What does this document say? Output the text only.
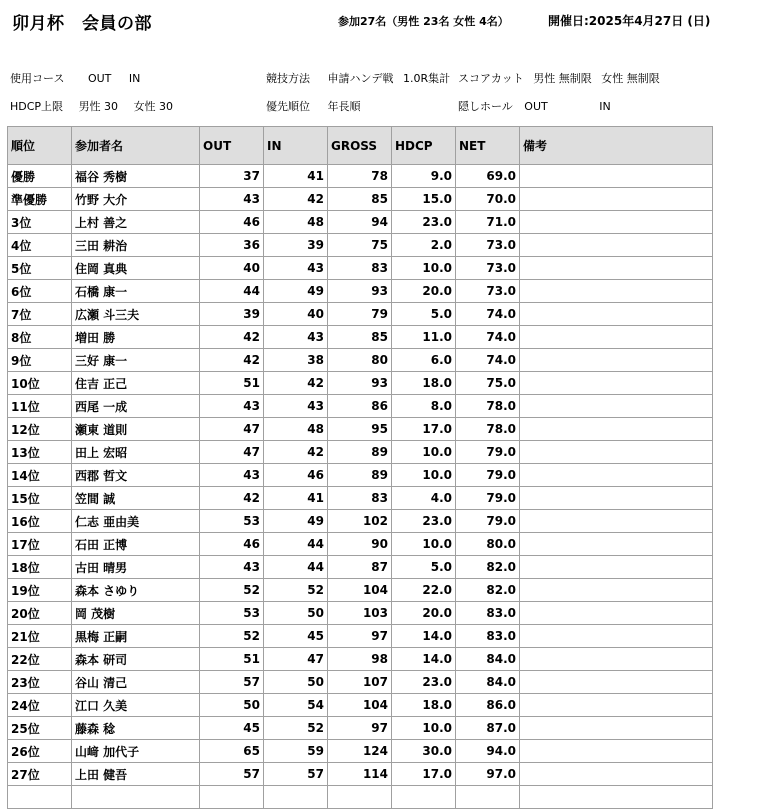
卯月杯　会員の部	参加27名（男性 23名 女性 4名）	開催日:2025年4月27日 (日)
使用コース OUT IN	競技方法 申請ハンデ戦 1.0R集計 スコアカット 男性 無制限 女性 無制限
HDCP上限 男性 30 女性 30	優先順位 年長順	隠しホール OUT	IN
順位	参加者名	OUT	IN	GROSS	HDCP	NET	備考
優勝	福谷 秀樹	37	41	78	9.0	69.0	
準優勝	竹野 大介	43	42	85	15.0	70.0	
3位	上村 善之	46	48	94	23.0	71.0	
4位	三田 耕治	36	39	75	2.0	73.0	
5位	住岡 真典	40	43	83	10.0	73.0	
6位	石橋 康一	44	49	93	20.0	73.0	
7位	広瀬 斗三夫	39	40	79	5.0	74.0	
8位	増田 勝	42	43	85	11.0	74.0	
9位	三好 康一	42	38	80	6.0	74.0	
10位	住吉 正己	51	42	93	18.0	75.0	
11位	西尾 一成	43	43	86	8.0	78.0	
12位	瀬東 道則	47	48	95	17.0	78.0	
13位	田上 宏昭	47	42	89	10.0	79.0	
14位	西郡 哲文	43	46	89	10.0	79.0	
15位	笠間 誠	42	41	83	4.0	79.0	
16位	仁志 亜由美	53	49	102	23.0	79.0	
17位	石田 正博	46	44	90	10.0	80.0	
18位	古田 晴男	43	44	87	5.0	82.0	
19位	森本 さゆり	52	52	104	22.0	82.0	
20位	岡 茂樹	53	50	103	20.0	83.0	
21位	黒梅 正嗣	52	45	97	14.0	83.0	
22位	森本 研司	51	47	98	14.0	84.0	
23位	谷山 清己	57	50	107	23.0	84.0	
24位	江口 久美	50	54	104	18.0	86.0	
25位	藤森 稔	45	52	97	10.0	87.0	
26位	山﨑 加代子	65	59	124	30.0	94.0	
27位	上田 健吾	57	57	114	17.0	97.0	
